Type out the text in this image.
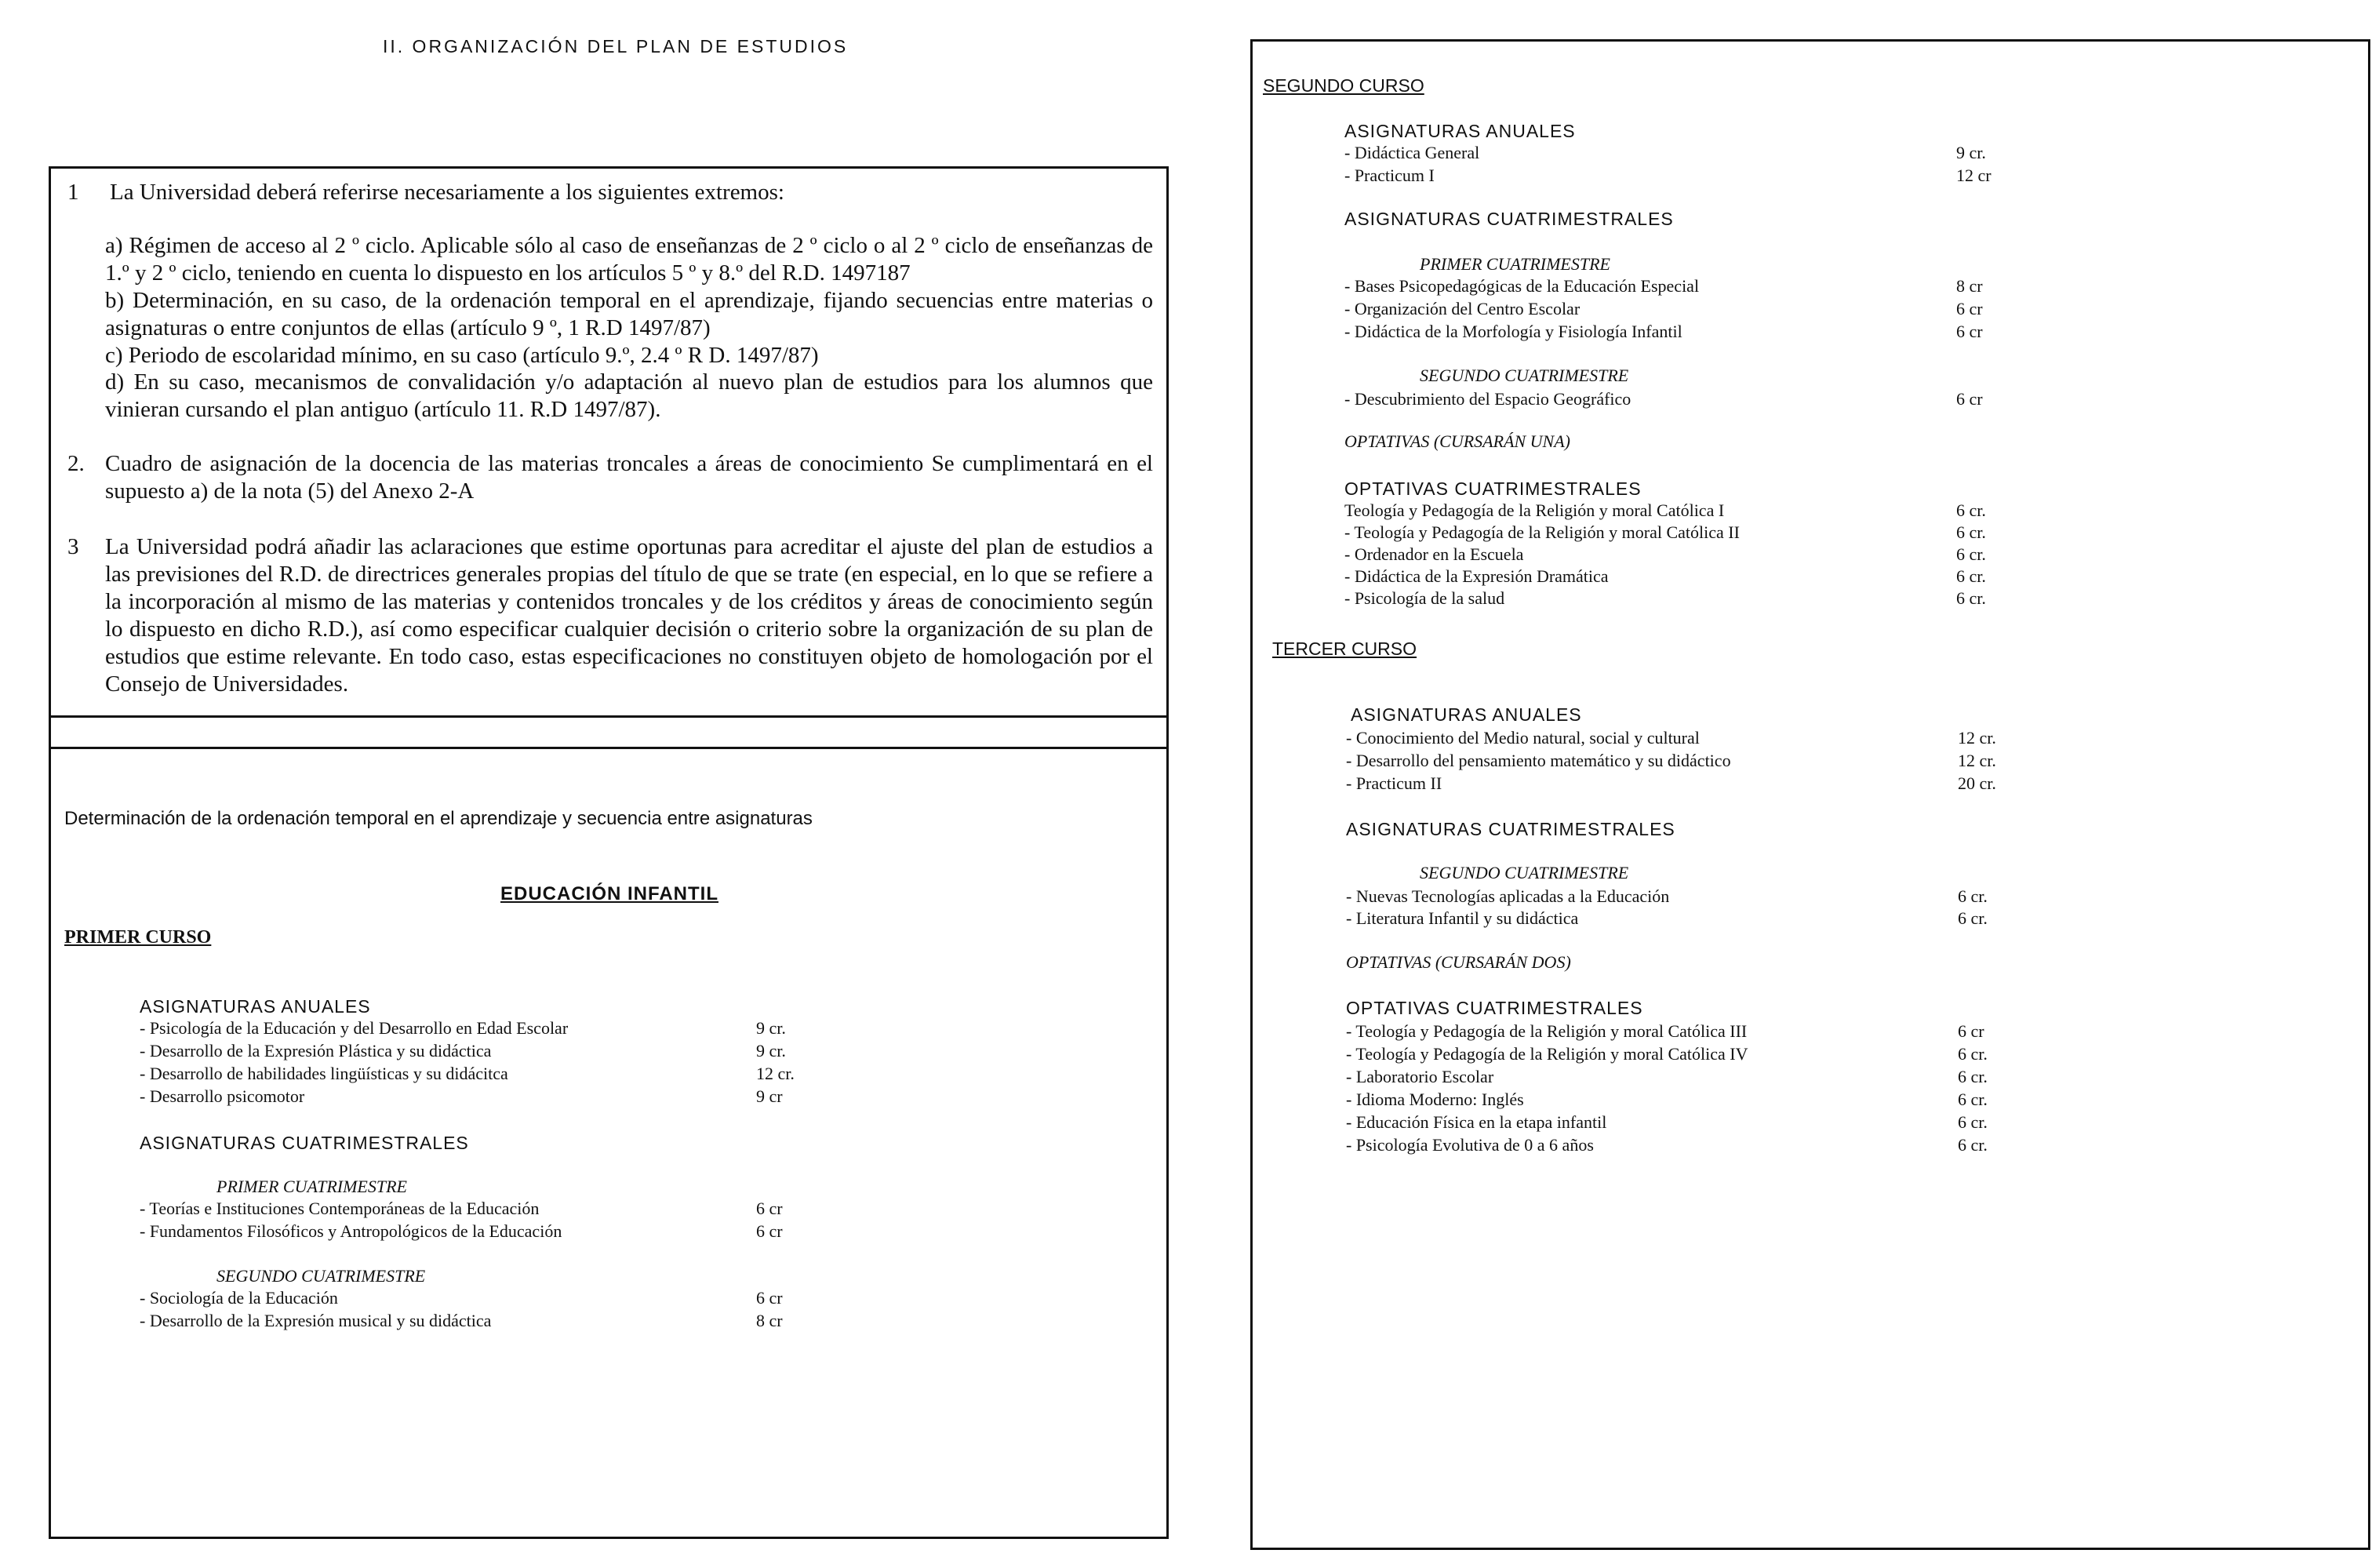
II. ORGANIZACIÓN DEL PLAN DE ESTUDIOS
1 La Universidad deberá referirse necesariamente a los siguientes extremos:
a) Régimen de acceso al 2 º ciclo. Aplicable sólo al caso de enseñanzas de 2 º ciclo o al 2 º ciclo de enseñanzas de 1.º y 2 º ciclo, teniendo en cuenta lo dispuesto en los artículos 5 º y 8.º del R.D. 1497187
b) Determinación, en su caso, de la ordenación temporal en el aprendizaje, fijando secuencias entre materias o asignaturas o entre conjuntos de ellas (artículo 9 º, 1 R.D 1497/87)
c) Periodo de escolaridad mínimo, en su caso (artículo 9.º, 2.4 º R D. 1497/87)
d) En su caso, mecanismos de convalidación y/o adaptación al nuevo plan de estudios para los alumnos que vinieran cursando el plan antiguo (artículo 11. R.D 1497/87).
2. Cuadro de asignación de la docencia de las materias troncales a áreas de conocimiento Se cumplimentará en el supuesto a) de la nota (5) del Anexo 2-A
3 La Universidad podrá añadir las aclaraciones que estime oportunas para acreditar el ajuste del plan de estudios a las previsiones del R.D. de directrices generales propias del título de que se trate (en especial, en lo que se refiere a la incorporación al mismo de las materias y contenidos troncales y de los créditos y áreas de conocimiento según lo dispuesto en dicho R.D.), así como especificar cualquier decisión o criterio sobre la organización de su plan de estudios que estime relevante. En todo caso, estas especificaciones no constituyen objeto de homologación por el Consejo de Universidades.
Determinación de la ordenación temporal en el aprendizaje y secuencia entre asignaturas
EDUCACIÓN INFANTIL
PRIMER CURSO
ASIGNATURAS ANUALES
- Psicología de la Educación y del Desarrollo en Edad Escolar	9 cr.
- Desarrollo de la Expresión Plástica y su didáctica	9 cr.
- Desarrollo de habilidades lingüísticas y su didácitca	12 cr.
- Desarrollo psicomotor	9 cr
ASIGNATURAS CUATRIMESTRALES
PRIMER CUATRIMESTRE
- Teorías e Instituciones Contemporáneas de la Educación	6 cr
- Fundamentos Filosóficos y Antropológicos de la Educación	6 cr
SEGUNDO CUATRIMESTRE
- Sociología de la Educación	6 cr
- Desarrollo de la Expresión musical y su didáctica	8 cr
SEGUNDO CURSO
ASIGNATURAS ANUALES
- Didáctica General	9 cr.
- Practicum I	12 cr
ASIGNATURAS CUATRIMESTRALES
PRIMER CUATRIMESTRE
- Bases Psicopedagógicas de la Educación Especial	8 cr
- Organización del Centro Escolar	6 cr
- Didáctica de la Morfología y Fisiología Infantil	6 cr
SEGUNDO CUATRIMESTRE
- Descubrimiento del Espacio Geográfico	6 cr
OPTATIVAS (CURSARÁN UNA)
OPTATIVAS CUATRIMESTRALES
Teología y Pedagogía de la Religión y moral Católica I	6 cr.
- Teología y Pedagogía de la Religión y moral Católica II	6 cr.
- Ordenador en la Escuela	6 cr.
- Didáctica de la Expresión Dramática	6 cr.
- Psicología de la salud	6 cr.
TERCER CURSO
ASIGNATURAS ANUALES
- Conocimiento del Medio natural, social y cultural	12 cr.
- Desarrollo del pensamiento matemático y su didáctico	12 cr.
- Practicum II	20 cr.
ASIGNATURAS CUATRIMESTRALES
SEGUNDO CUATRIMESTRE
- Nuevas Tecnologías aplicadas a la Educación	6 cr.
- Literatura Infantil y su didáctica	6 cr.
OPTATIVAS (CURSARÁN DOS)
OPTATIVAS CUATRIMESTRALES
- Teología y Pedagogía de la Religión y moral Católica III	6 cr
- Teología y Pedagogía de la Religión y moral Católica IV	6 cr.
- Laboratorio Escolar	6 cr.
- Idioma Moderno: Inglés	6 cr.
- Educación Física en la etapa infantil	6 cr.
- Psicología Evolutiva de 0 a 6 años	6 cr.
